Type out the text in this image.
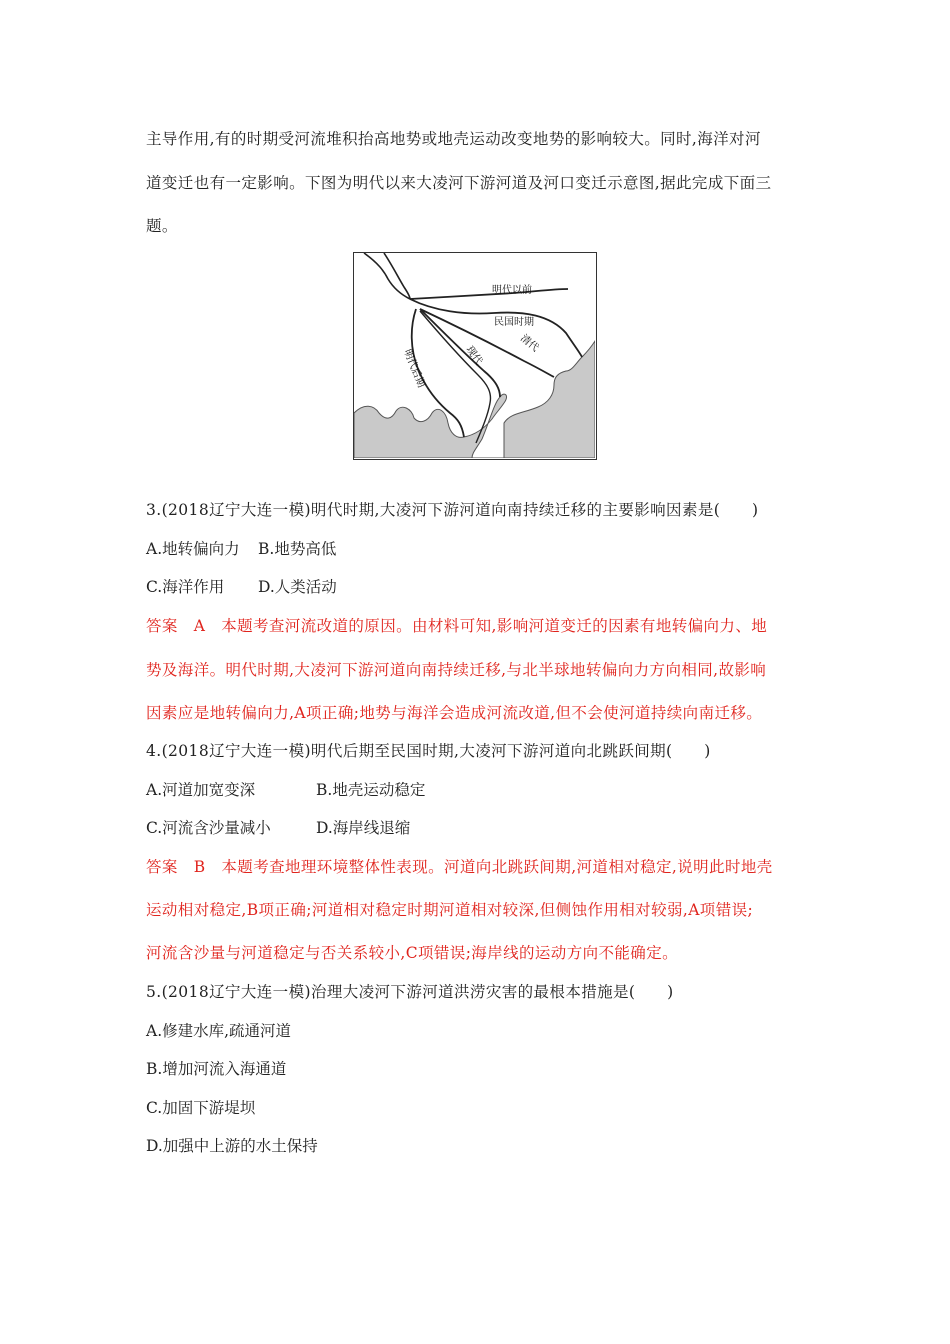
主导作用,有的时期受河流堆积抬高地势或地壳运动改变地势的影响较大。同时,海洋对河
道变迁也有一定影响。下图为明代以来大凌河下游河道及河口变迁示意图,据此完成下面三
题。
明代以前
民国时期
明代后期	现代
清代
3.(2018辽宁大连一模)明代时期,大凌河下游河道向南持续迁移的主要影响因素是(　　)
A.地转偏向力 B.地势高低
C.海洋作用 D.人类活动
答案　A　本题考查河流改道的原因。由材料可知,影响河道变迁的因素有地转偏向力、地
势及海洋。明代时期,大凌河下游河道向南持续迁移,与北半球地转偏向力方向相同,故影响
因素应是地转偏向力,A项正确;地势与海洋会造成河流改道,但不会使河道持续向南迁移。
4.(2018辽宁大连一模)明代后期至民国时期,大凌河下游河道向北跳跃间期(　　)
A.河道加宽变深	B.地壳运动稳定
C.河流含沙量减小	D.海岸线退缩
答案　B　本题考查地理环境整体性表现。河道向北跳跃间期,河道相对稳定,说明此时地壳
运动相对稳定,B项正确;河道相对稳定时期河道相对较深,但侧蚀作用相对较弱,A项错误;
河流含沙量与河道稳定与否关系较小,C项错误;海岸线的运动方向不能确定。
5.(2018辽宁大连一模)治理大凌河下游河道洪涝灾害的最根本措施是(　　)
A.修建水库,疏通河道
B.增加河流入海通道
C.加固下游堤坝
D.加强中上游的水土保持
